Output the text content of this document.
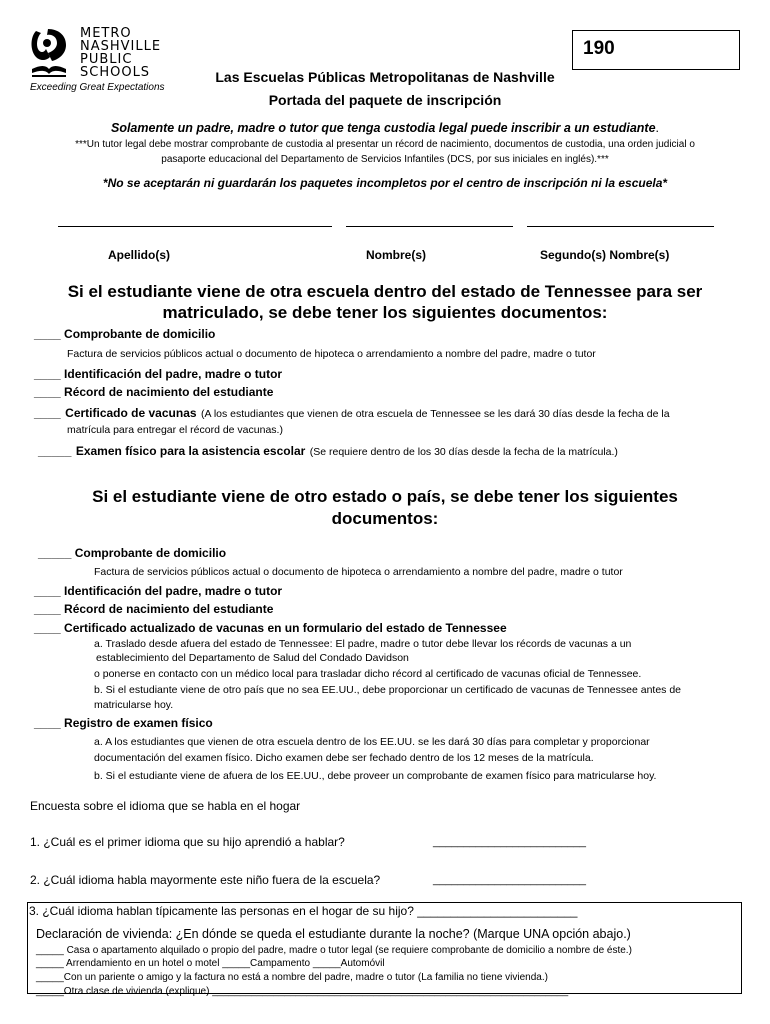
METRO
NASHVILLE
PUBLIC
SCHOOLS
Exceeding Great Expectations
190
Las Escuelas Públicas Metropolitanas de Nashville
Portada del paquete de inscripción
Solamente un padre, madre o tutor que tenga custodia legal puede inscribir a un estudiante.
***Un tutor legal debe mostrar comprobante de custodia al presentar un récord de nacimiento, documentos de custodia, una orden judicial o
pasaporte educacional del Departamento de Servicios Infantiles (DCS, por sus iniciales en inglés).***
*No se aceptarán ni guardarán los paquetes incompletos por el centro de inscripción ni la escuela*
Apellido(s)	Nombre(s)	Segundo(s) Nombre(s)
Si el estudiante viene de otra escuela dentro del estado de Tennessee para ser
matriculado, se debe tener los siguientes documentos:
____ Comprobante de domicilio
Factura de servicios públicos actual o documento de hipoteca o arrendamiento a nombre del padre, madre o tutor
____ Identificación del padre, madre o tutor
____ Récord de nacimiento del estudiante
____ Certificado de vacunas (A los estudiantes que vienen de otra escuela de Tennessee se les dará 30 días desde la fecha de la
matrícula para entregar el récord de vacunas.)
_____ Examen físico para la asistencia escolar (Se requiere dentro de los 30 días desde la fecha de la matrícula.)
Si el estudiante viene de otro estado o país, se debe tener los siguientes
documentos:
_____ Comprobante de domicilio
Factura de servicios públicos actual o documento de hipoteca o arrendamiento a nombre del padre, madre o tutor
____ Identificación del padre, madre o tutor
____ Récord de nacimiento del estudiante
____ Certificado actualizado de vacunas en un formulario del estado de Tennessee
a. Traslado desde afuera del estado de Tennessee: El padre, madre o tutor debe llevar los récords de vacunas a un
establecimiento del Departamento de Salud del Condado Davidson
o ponerse en contacto con un médico local para trasladar dicho récord al certificado de vacunas oficial de Tennessee.
b. Si el estudiante viene de otro país que no sea EE.UU., debe proporcionar un certificado de vacunas de Tennessee antes de
matricularse hoy.
____ Registro de examen físico
a. A los estudiantes que vienen de otra escuela dentro de los EE.UU. se les dará 30 días para completar y proporcionar
documentación del examen físico. Dicho examen debe ser fechado dentro de los 12 meses de la matrícula.
b. Si el estudiante viene de afuera de los EE.UU., debe proveer un comprobante de examen físico para matricularse hoy.
Encuesta sobre el idioma que se habla en el hogar
1. ¿Cuál es el primer idioma que su hijo aprendió a hablar?	_________________________
2. ¿Cuál idioma habla mayormente este niño fuera de la escuela?	_________________________
3. ¿Cuál idioma hablan típicamente las personas en el hogar de su hijo? ________________________
Declaración de vivienda: ¿En dónde se queda el estudiante durante la noche? (Marque UNA opción abajo.)
_____ Casa o apartamento alquilado o propio del padre, madre o tutor legal (se requiere comprobante de domicilio a nombre de éste.)
_____ Arrendamiento en un hotel o motel _____Campamento _____Automóvil
_____Con un pariente o amigo y la factura no está a nombre del padre, madre o tutor (La familia no tiene vivienda.)
_____Otra clase de vivienda (explique) ________________________________________________________________
